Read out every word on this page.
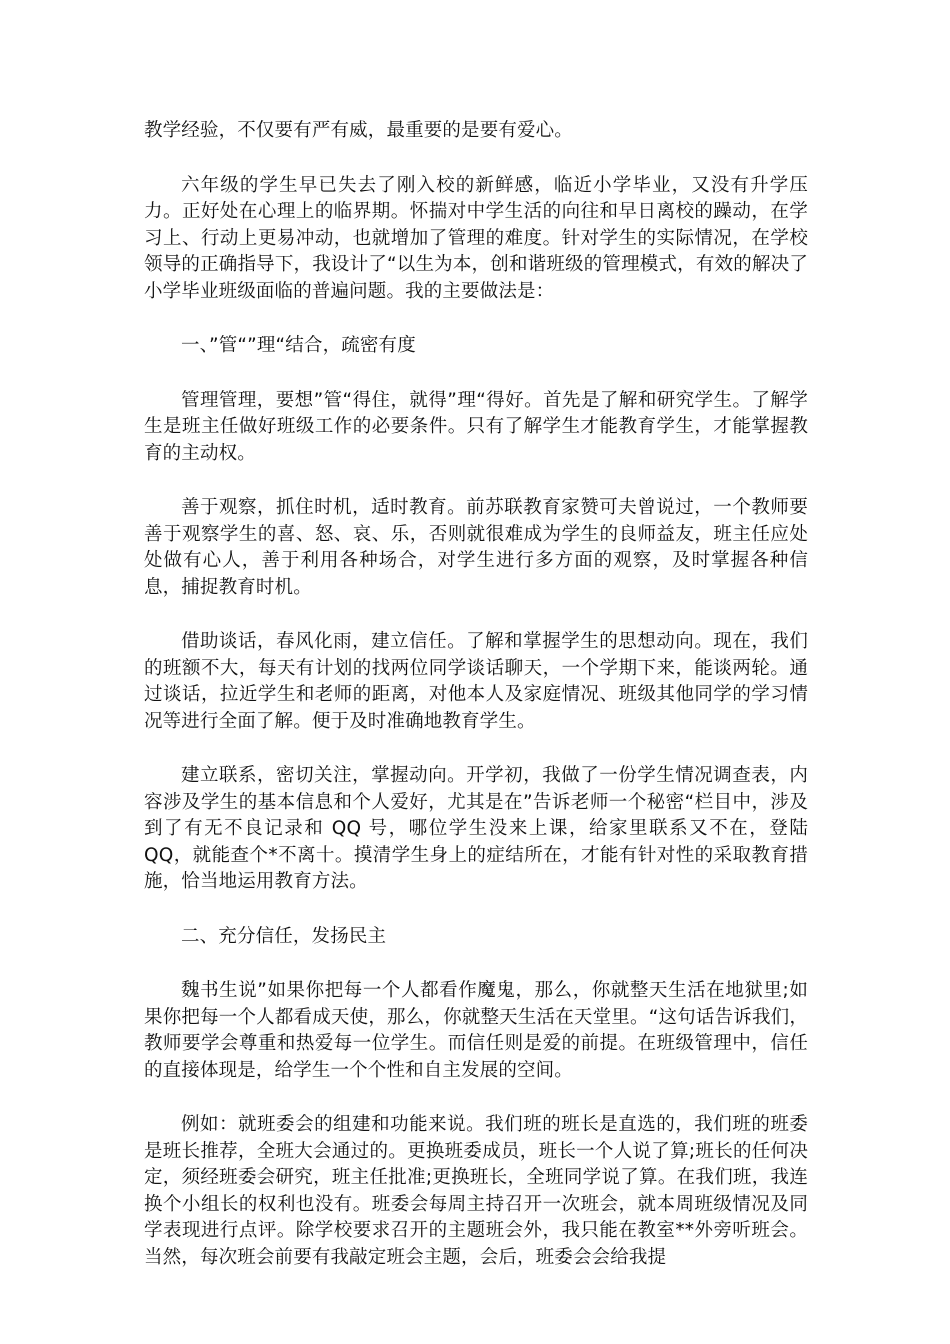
教学经验，不仅要有严有威，最重要的是要有爱心。

六年级的学生早已失去了刚入校的新鲜感，临近小学毕业，又没有升学压力。正好处在心理上的临界期。怀揣对中学生活的向往和早日离校的躁动，在学习上、行动上更易冲动，也就增加了管理的难度。针对学生的实际情况，在学校领导的正确指导下，我设计了“以生为本，创和谐班级的管理模式，有效的解决了小学毕业班级面临的普遍问题。我的主要做法是：

一、”管“”理“结合，疏密有度

管理管理，要想”管“得住，就得”理“得好。首先是了解和研究学生。了解学生是班主任做好班级工作的必要条件。只有了解学生才能教育学生，才能掌握教育的主动权。

善于观察，抓住时机，适时教育。前苏联教育家赞可夫曾说过，一个教师要善于观察学生的喜、怒、哀、乐，否则就很难成为学生的良师益友，班主任应处处做有心人，善于利用各种场合，对学生进行多方面的观察，及时掌握各种信息，捕捉教育时机。

借助谈话，春风化雨，建立信任。了解和掌握学生的思想动向。现在，我们的班额不大，每天有计划的找两位同学谈话聊天，一个学期下来，能谈两轮。通过谈话，拉近学生和老师的距离，对他本人及家庭情况、班级其他同学的学习情况等进行全面了解。便于及时准确地教育学生。

建立联系，密切关注，掌握动向。开学初，我做了一份学生情况调查表，内容涉及学生的基本信息和个人爱好，尤其是在”告诉老师一个秘密“栏目中，涉及到了有无不良记录和 QQ 号，哪位学生没来上课，给家里联系又不在，登陆 QQ，就能查个*不离十。摸清学生身上的症结所在，才能有针对性的采取教育措施，恰当地运用教育方法。

二、充分信任，发扬民主

魏书生说”如果你把每一个人都看作魔鬼，那么，你就整天生活在地狱里;如果你把每一个人都看成天使，那么，你就整天生活在天堂里。“这句话告诉我们，教师要学会尊重和热爱每一位学生。而信任则是爱的前提。在班级管理中，信任的直接体现是，给学生一个个性和自主发展的空间。

例如：就班委会的组建和功能来说。我们班的班长是直选的，我们班的班委是班长推荐，全班大会通过的。更换班委成员，班长一个人说了算;班长的任何决定，须经班委会研究，班主任批准;更换班长，全班同学说了算。在我们班，我连换个小组长的权利也没有。班委会每周主持召开一次班会，就本周班级情况及同学表现进行点评。除学校要求召开的主题班会外，我只能在教室**外旁听班会。当然，每次班会前要有我敲定班会主题，会后，班委会会给我提
